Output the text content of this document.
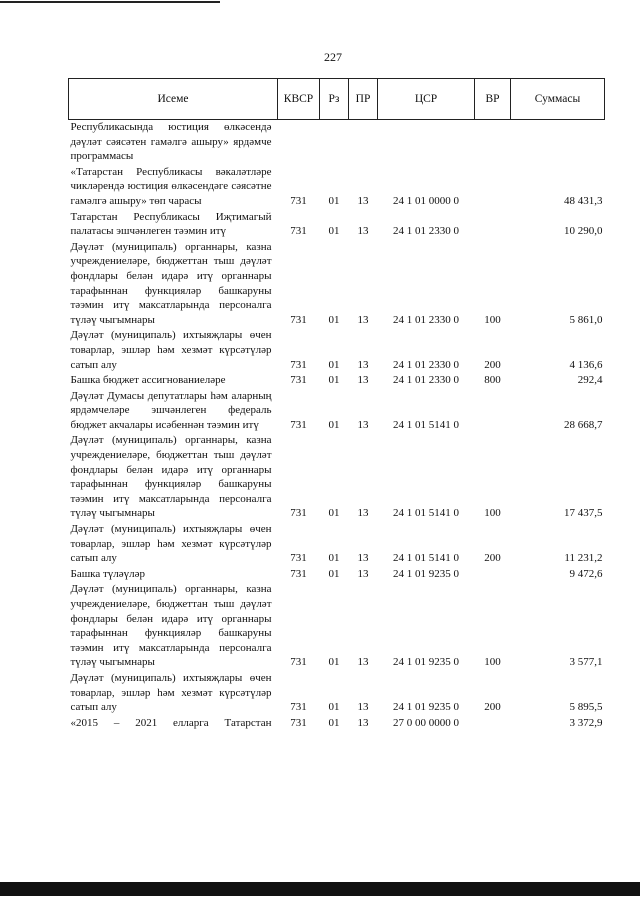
227
Исеме	КВСР	Рз	ПР	ЦСР	ВР	Суммасы
Республикасында юстиция өлкәсендә дәүләт сәясәтен гамәлгә ашыру» ярдәмче программасы						
«Татарстан Республикасы вәкаләтләре чикләрендә юстиция өлкәсендәге сәясәтне гамәлгә ашыру» төп чарасы	731	01	13	24 1 01 0000 0		48 431,3
Татарстан Республикасы Иҗтимагый палатасы эшчәнлеген тәэмин итү	731	01	13	24 1 01 2330 0		10 290,0
Дәүләт (муниципаль) органнары, казна учреждениеләре, бюджеттан тыш дәүләт фондлары белән идарә итү органнары тарафыннан функцияләр башкаруны тәэмин итү максатларында персоналга түләү чыгымнары	731	01	13	24 1 01 2330 0	100	5 861,0
Дәүләт (муниципаль) ихтыяҗлары өчен товарлар, эшләр һәм хезмәт күрсәтүләр сатып алу	731	01	13	24 1 01 2330 0	200	4 136,6
Башка бюджет ассигнованиеләре	731	01	13	24 1 01 2330 0	800	292,4
Дәүләт Думасы депутатлары һәм аларның ярдәмчеләре эшчәнлеген федераль бюджет акчалары исәбеннән тәэмин итү	731	01	13	24 1 01 5141 0		28 668,7
Дәүләт (муниципаль) органнары, казна учреждениеләре, бюджеттан тыш дәүләт фондлары белән идарә итү органнары тарафыннан функцияләр башкаруны тәэмин итү максатларында персоналга түләү чыгымнары	731	01	13	24 1 01 5141 0	100	17 437,5
Дәүләт (муниципаль) ихтыяҗлары өчен товарлар, эшләр һәм хезмәт күрсәтүләр сатып алу	731	01	13	24 1 01 5141 0	200	11 231,2
Башка түләүләр	731	01	13	24 1 01 9235 0		9 472,6
Дәүләт (муниципаль) органнары, казна учреждениеләре, бюджеттан тыш дәүләт фондлары белән идарә итү органнары тарафыннан функцияләр башкаруны тәэмин итү максатларында персоналга түләү чыгымнары	731	01	13	24 1 01 9235 0	100	3 577,1
Дәүләт (муниципаль) ихтыяҗлары өчен товарлар, эшләр һәм хезмәт күрсәтүләр сатып алу	731	01	13	24 1 01 9235 0	200	5 895,5
«2015 – 2021 елларга Татарстан	731	01	13	27 0 00 0000 0		3 372,9
